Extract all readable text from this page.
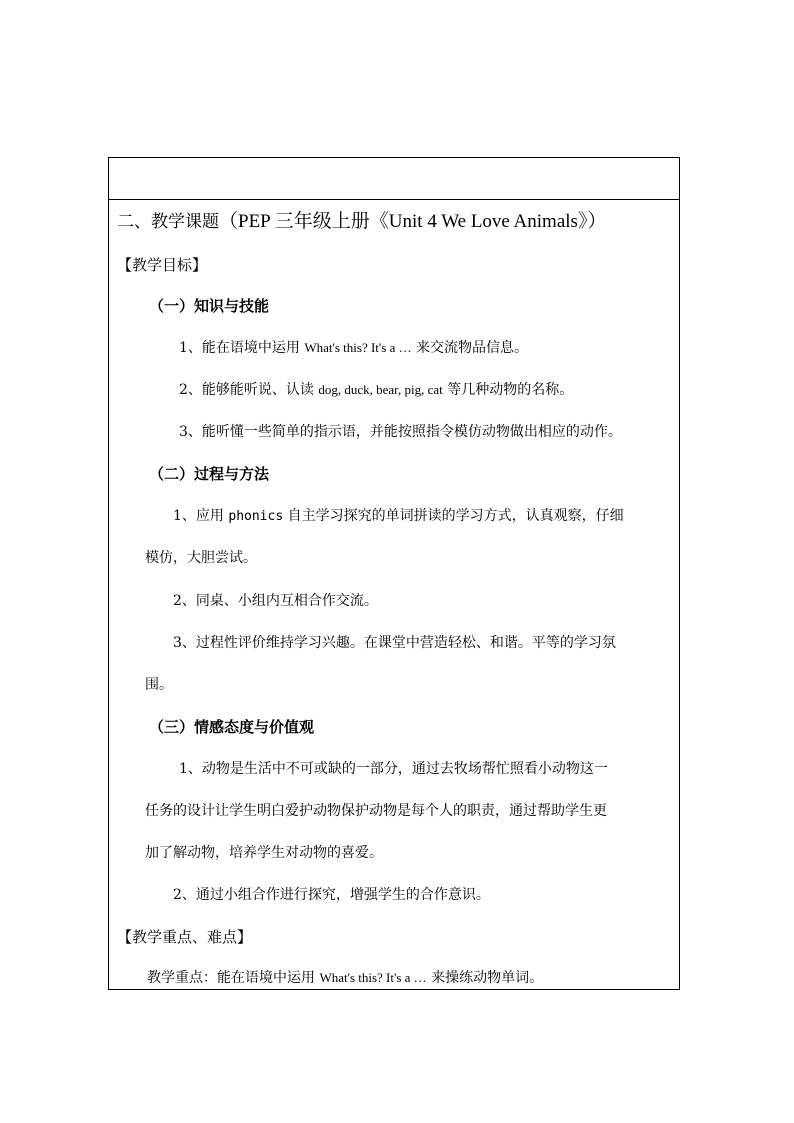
二、教学课题（PEP 三年级上册《Unit 4 We Love Animals》）
【教学目标】
（一）知识与技能
1、能在语境中运用 What's this? It's a … 来交流物品信息。
2、能够能听说、认读 dog, duck, bear, pig, cat 等几种动物的名称。
3、能听懂一些简单的指示语，并能按照指令模仿动物做出相应的动作。
（二）过程与方法
1、应用 phonics 自主学习探究的单词拼读的学习方式，认真观察，仔细
模仿，大胆尝试。
2、同桌、小组内互相合作交流。
3、过程性评价维持学习兴趣。在课堂中营造轻松、和谐。平等的学习氛
围。
（三）情感态度与价值观
1、动物是生活中不可或缺的一部分，通过去牧场帮忙照看小动物这一
任务的设计让学生明白爱护动物保护动物是每个人的职责，通过帮助学生更
加了解动物，培养学生对动物的喜爱。
2、通过小组合作进行探究，增强学生的合作意识。
【教学重点、难点】
教学重点：能在语境中运用 What's this? It's a … 来操练动物单词。
